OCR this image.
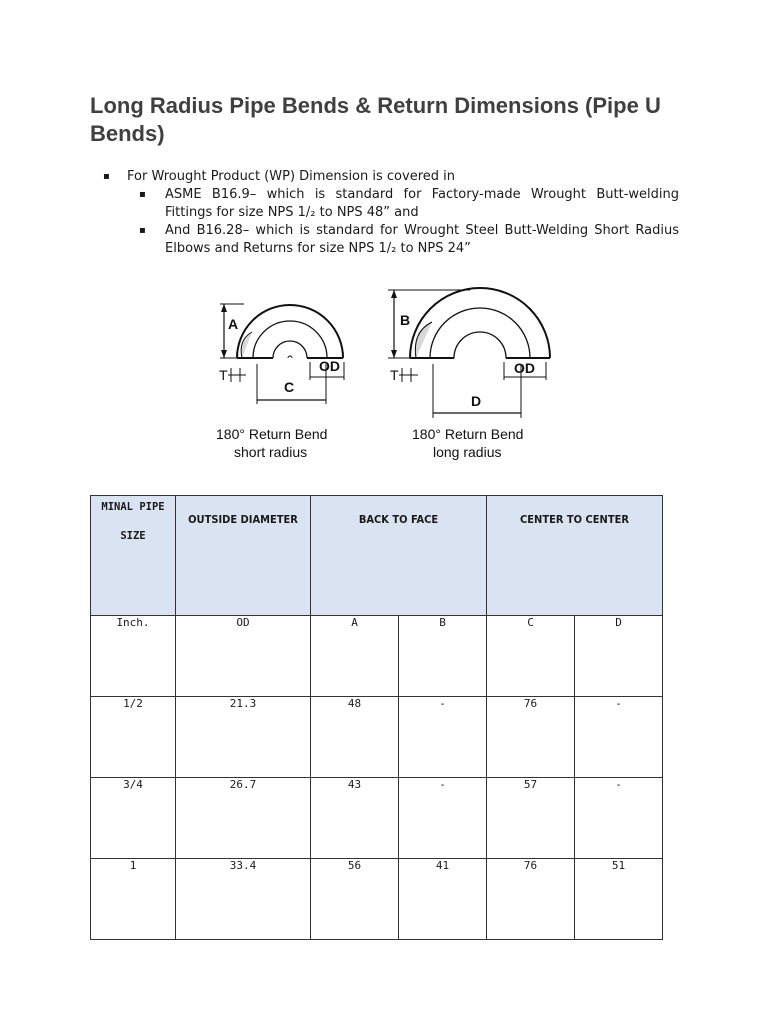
Long Radius Pipe Bends & Return Dimensions (Pipe U Bends)
▪	For Wrought Product (WP) Dimension is covered in
▪	ASME B16.9– which is standard for Factory-made Wrought Butt-welding Fittings for size NPS 1/₂ to NPS 48” and
▪	And B16.28– which is standard for Wrought Steel Butt-Welding Short Radius Elbows and Returns for size NPS 1/₂ to NPS 24”
A
T
C
OD
180° Return Bend
short radius
B
T
D
OD
180° Return Bend
long radius
MINAL PIPE
SIZE	OUTSIDE DIAMETER	BACK TO FACE		CENTER TO CENTER	
Inch.	OD	A	B	C	D
1/2	21.3	48	-	76	-
3/4	26.7	43	-	57	-
1	33.4	56	41	76	51
